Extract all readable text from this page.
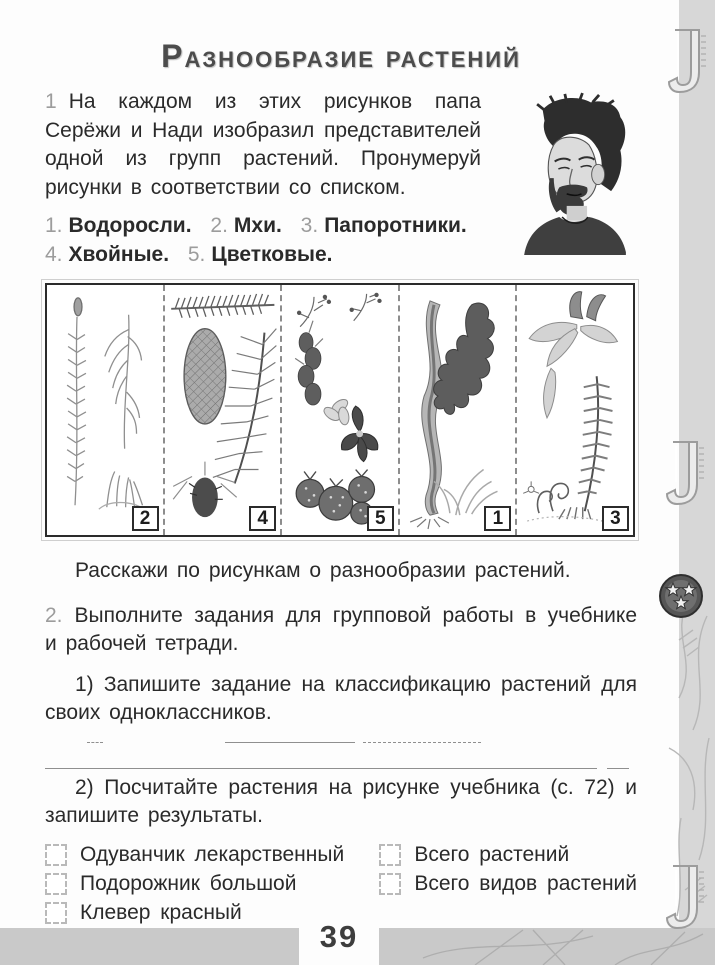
39
Разнообразие растений

1 На каждом из этих рисунков папа Серёжи и Нади изобразил представителей одной из групп растений. Пронумеруй рисунки в соответствии со списком.

1. Водоросли. 2. Мхи. 3. Папоротники. 4. Хвойные. 5. Цветковые.

2	4	5	1	3

Расскажи по рисункам о разнообразии растений.

2. Выполните задания для групповой работы в учебнике и рабочей тетради.

1) Запишите задание на классификацию растений для своих одноклассников.

2) Посчитайте растения на рисунке учебника (с. 72) и запишите результаты.

Одуванчик лекарственный
Подорожник большой
Клевер красный
Всего растений
Всего видов растений
